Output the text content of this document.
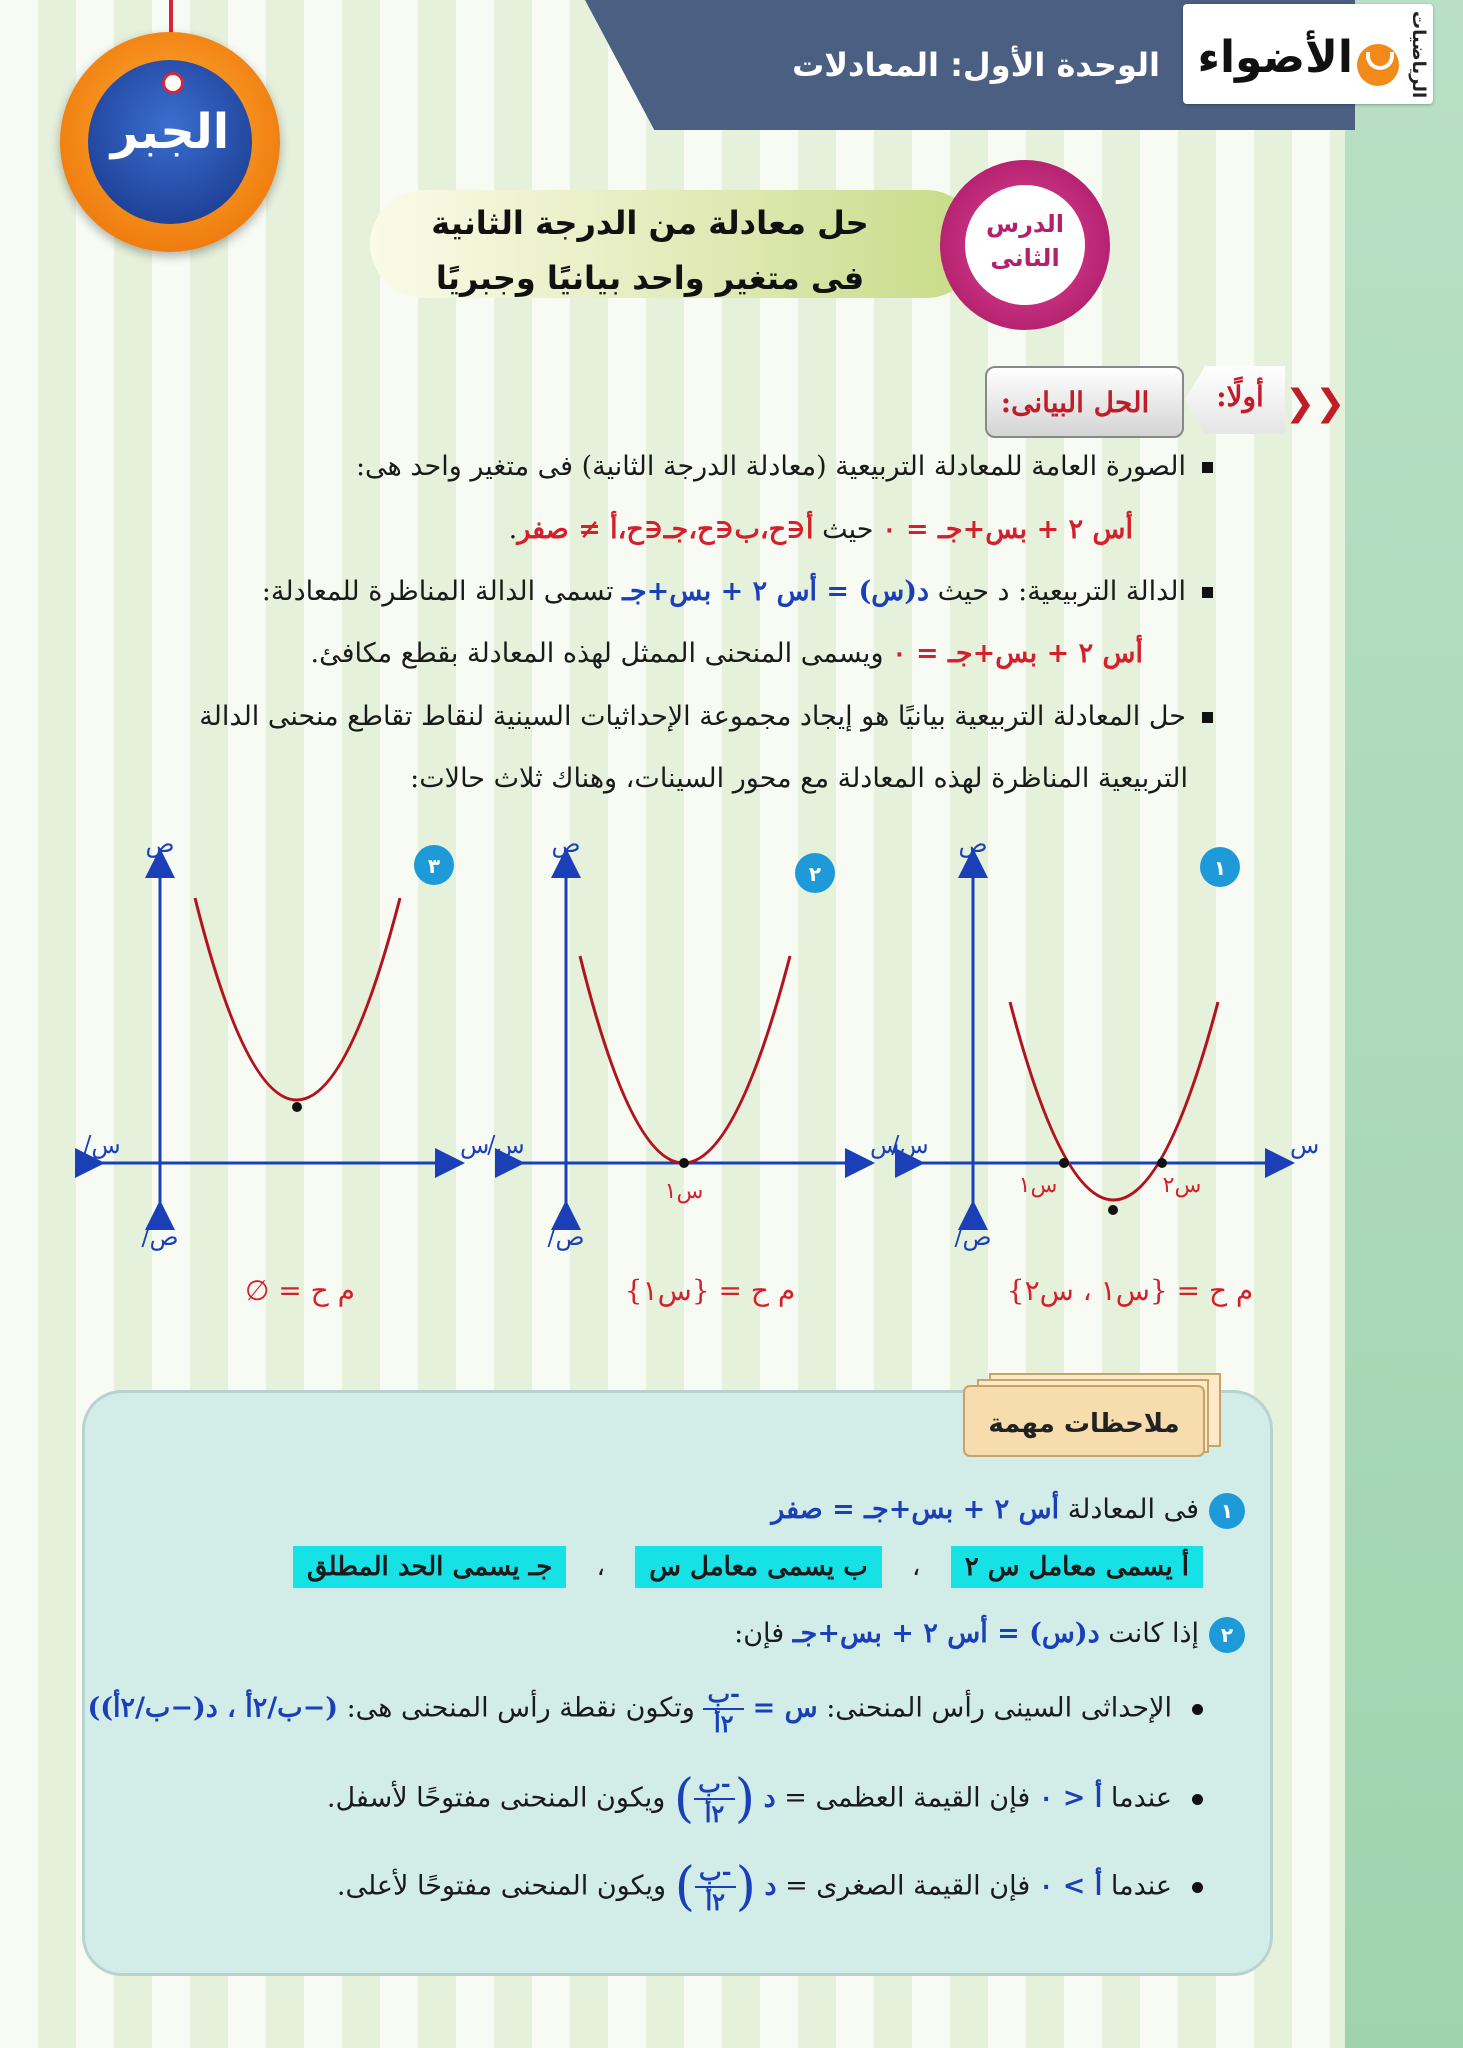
الوحدة الأول: المعادلات	الرياضيات
الأضواء
الجبر
حل معادلة من الدرجة الثانية
فى متغير واحد بيانيًا وجبريًا
الدرس
الثانى
الحل البيانى:	أولًا: ❮❮
الصورة العامة للمعادلة التربيعية (معادلة الدرجة الثانية) فى متغير واحد هى:
أس ٢ + بس+جـ = ٠ حيث أ∈ح،ب∈ح،جـ∈ح،أ ≠ صفر.
الدالة التربيعية: د حيث د(س) = أس ٢ + بس+جـ تسمى الدالة المناظرة للمعادلة:
أس ٢ + بس+جـ = ٠ ويسمى المنحنى الممثل لهذه المعادلة بقطع مكافئ.
حل المعادلة التربيعية بيانيًا هو إيجاد مجموعة الإحداثيات السينية لنقاط تقاطع منحنى الدالة
التربيعية المناظرة لهذه المعادلة مع محور السينات، وهناك ثلاث حالات:
١
س
س/
ص
ص/
س١	س٢
م ح = {س١ ، س٢}
٢
س
س/
ص
ص/
س١
م ح = {س١}
٣
س
س/
ص
ص/
م ح = ∅
ملاحظات مهمة
١فى المعادلة أس ٢ + بس+جـ = صفر
أ يسمى معامل س ٢ ، ب يسمى معامل س ، جـ يسمى الحد المطلق
٢إذا كانت د(س) = أس ٢ + بس+جـ فإن:
الإحداثى السينى رأس المنحنى: س =
$\frac{\text{-ب}}{\text{٢أ}}$
وتكون نقطة رأس المنحنى هى: (−ب/٢أ ، د(−ب/٢أ))
عندما أ < ٠ فإن القيمة العظمى = د (
$\frac{\text{-ب}}{\text{٢أ}}$
) ويكون المنحنى مفتوحًا لأسفل.
عندما أ > ٠ فإن القيمة الصغرى = د (
$\frac{\text{-ب}}{\text{٢أ}}$
) ويكون المنحنى مفتوحًا لأعلى.
